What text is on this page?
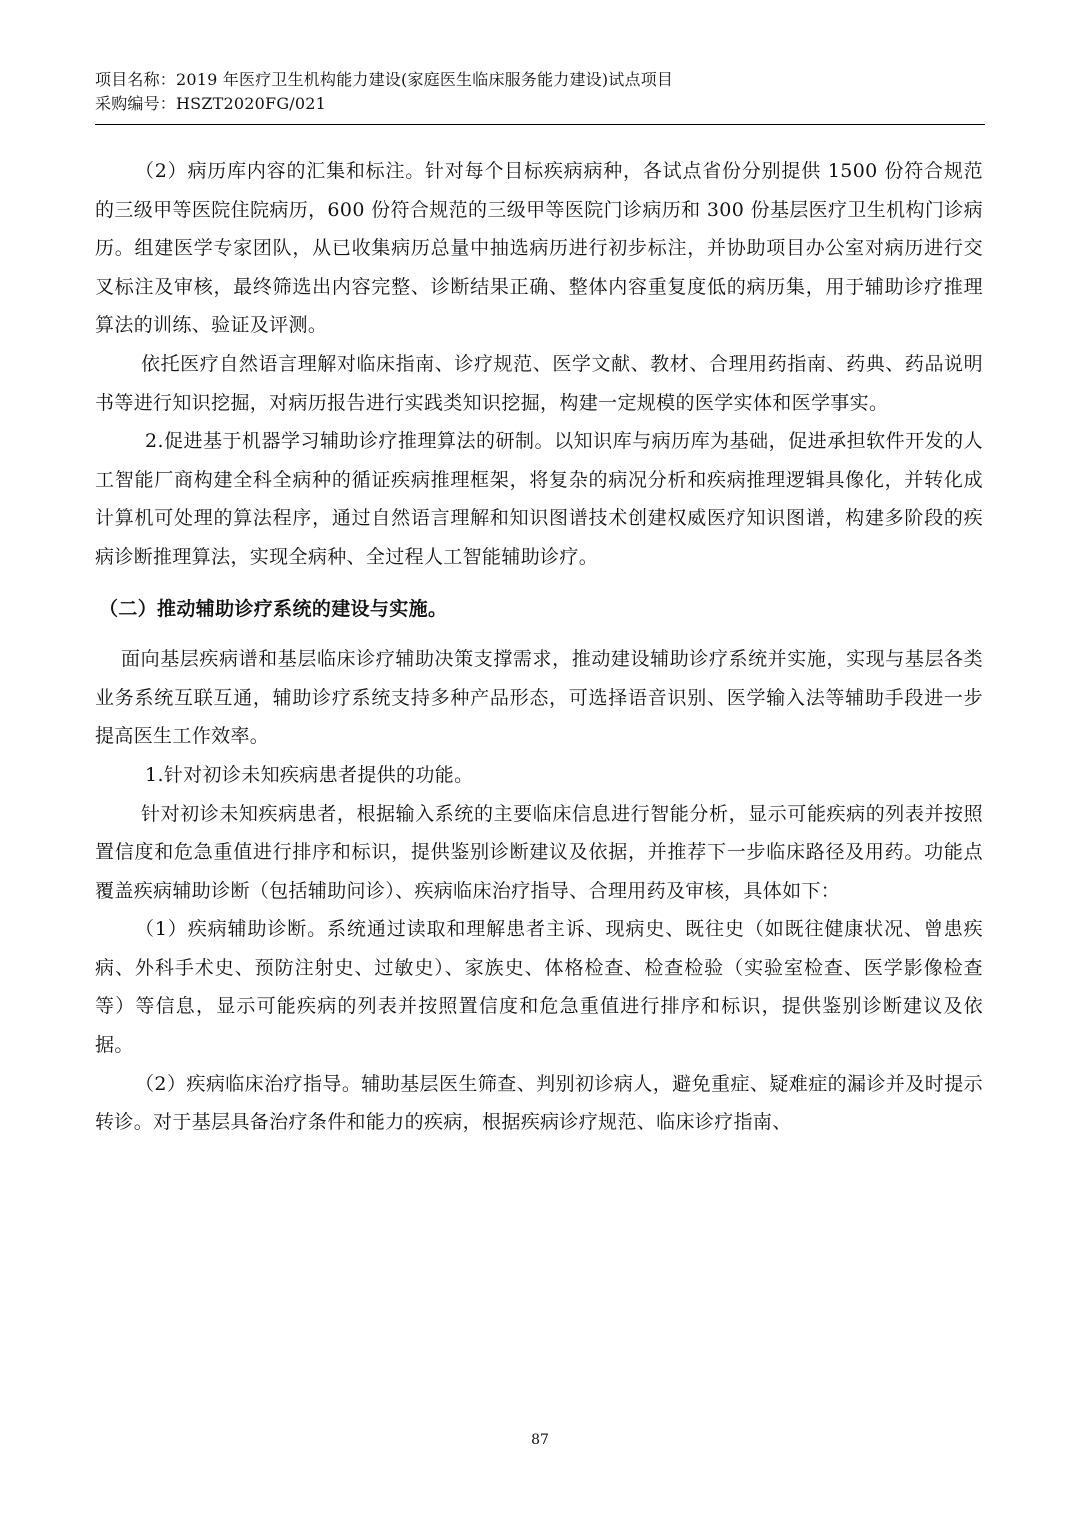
项目名称：2019 年医疗卫生机构能力建设(家庭医生临床服务能力建设)试点项目
采购编号：HSZT2020FG/021

（2）病历库内容的汇集和标注。针对每个目标疾病病种，各试点省份分别提供 1500 份符合规范的三级甲等医院住院病历，600 份符合规范的三级甲等医院门诊病历和 300 份基层医疗卫生机构门诊病历。组建医学专家团队，从已收集病历总量中抽选病历进行初步标注，并协助项目办公室对病历进行交叉标注及审核，最终筛选出内容完整、诊断结果正确、整体内容重复度低的病历集，用于辅助诊疗推理算法的训练、验证及评测。

依托医疗自然语言理解对临床指南、诊疗规范、医学文献、教材、合理用药指南、药典、药品说明书等进行知识挖掘，对病历报告进行实践类知识挖掘，构建一定规模的医学实体和医学事实。

2.促进基于机器学习辅助诊疗推理算法的研制。以知识库与病历库为基础，促进承担软件开发的人工智能厂商构建全科全病种的循证疾病推理框架，将复杂的病况分析和疾病推理逻辑具像化，并转化成计算机可处理的算法程序，通过自然语言理解和知识图谱技术创建权威医疗知识图谱，构建多阶段的疾病诊断推理算法，实现全病种、全过程人工智能辅助诊疗。

（二）推动辅助诊疗系统的建设与实施。

面向基层疾病谱和基层临床诊疗辅助决策支撑需求，推动建设辅助诊疗系统并实施，实现与基层各类业务系统互联互通，辅助诊疗系统支持多种产品形态，可选择语音识别、医学输入法等辅助手段进一步提高医生工作效率。

1.针对初诊未知疾病患者提供的功能。

针对初诊未知疾病患者，根据输入系统的主要临床信息进行智能分析，显示可能疾病的列表并按照置信度和危急重值进行排序和标识，提供鉴别诊断建议及依据，并推荐下一步临床路径及用药。功能点覆盖疾病辅助诊断（包括辅助问诊）、疾病临床治疗指导、合理用药及审核，具体如下：

（1）疾病辅助诊断。系统通过读取和理解患者主诉、现病史、既往史（如既往健康状况、曾患疾病、外科手术史、预防注射史、过敏史）、家族史、体格检查、检查检验（实验室检查、医学影像检查等）等信息，显示可能疾病的列表并按照置信度和危急重值进行排序和标识，提供鉴别诊断建议及依据。

（2）疾病临床治疗指导。辅助基层医生筛查、判别初诊病人，避免重症、疑难症的漏诊并及时提示转诊。对于基层具备治疗条件和能力的疾病，根据疾病诊疗规范、临床诊疗指南、

87
